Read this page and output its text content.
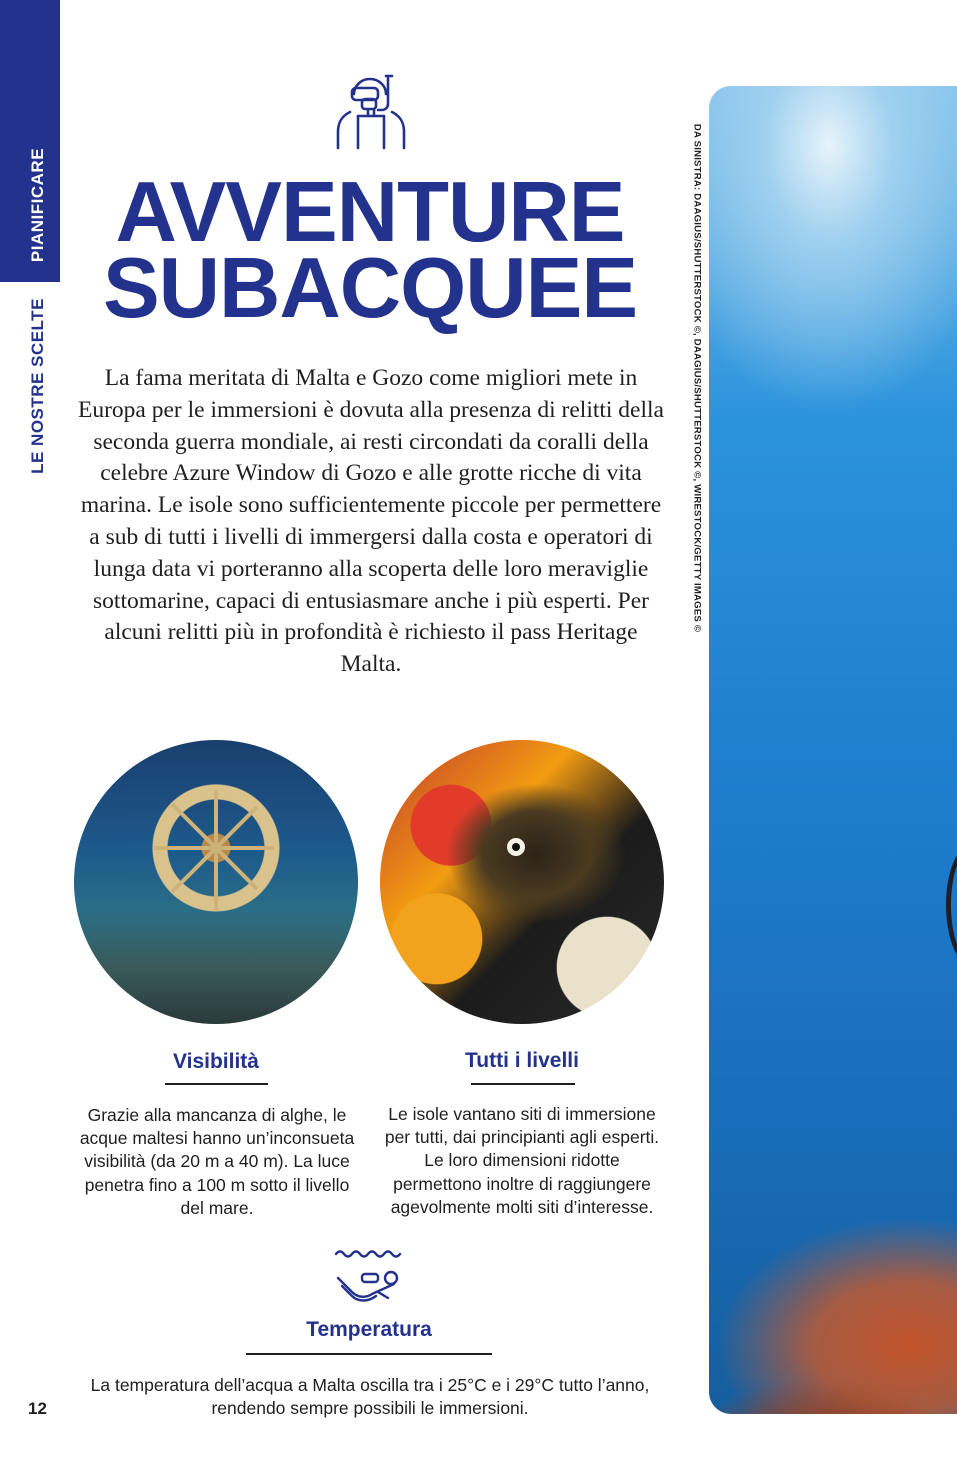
PIANIFICARE
LE NOSTRE SCELTE
AVVENTURE
SUBACQUEE

La fama meritata di Malta e Gozo come migliori mete in Europa per le immersioni è dovuta alla presenza di relitti della seconda guerra mondiale, ai resti circondati da coralli della celebre Azure Window di Gozo e alle grotte ricche di vita marina. Le isole sono sufficientemente piccole per permettere a sub di tutti i livelli di immergersi dalla costa e operatori di lunga data vi porteranno alla scoperta delle loro meraviglie sottomarine, capaci di entusiasmare anche i più esperti. Per alcuni relitti più in profondità è richiesto il pass Heritage Malta.

DA SINISTRA: DAAGIUS/SHUTTERSTOCK ©, DAAGIUS/SHUTTERSTOCK ©, WIRESTOCK/GETTY IMAGES ©
Visibilità

Grazie alla mancanza di alghe, le acque maltesi hanno un’inconsueta visibilità (da 20 m a 40 m). La luce penetra fino a 100 m sotto il livello del mare.

Tutti i livelli

Le isole vantano siti di immersione per tutti, dai principianti agli esperti. Le loro dimensioni ridotte permettono inoltre di raggiungere agevolmente molti siti d’interesse.

Temperatura

La temperatura dell’acqua a Malta oscilla tra i 25°C e i 29°C tutto l’anno, rendendo sempre possibili le immersioni.

12
